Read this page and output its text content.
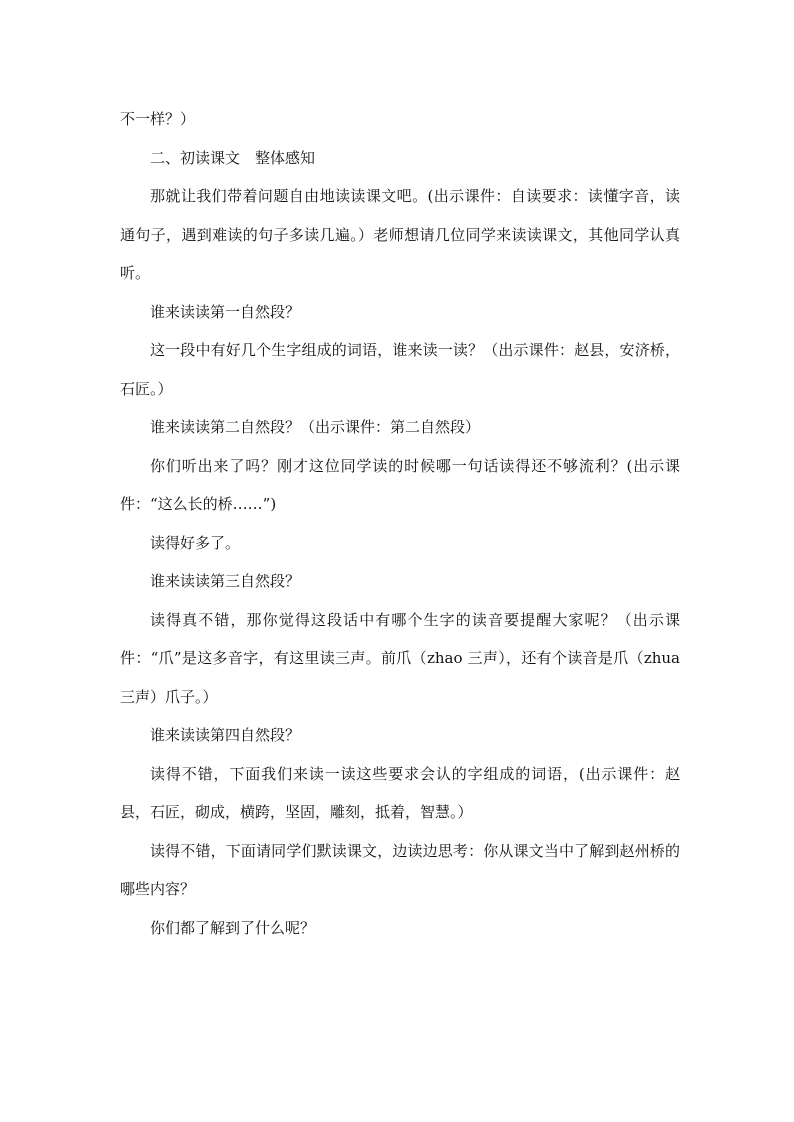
不一样？）

二、初读课文　整体感知

那就让我们带着问题自由地读读课文吧。(出示课件：自读要求：读懂字音，读通句子，遇到难读的句子多读几遍。）老师想请几位同学来读读课文，其他同学认真听。

谁来读读第一自然段？

这一段中有好几个生字组成的词语，谁来读一读？（出示课件：赵县，安济桥，石匠。）

谁来读读第二自然段？（出示课件：第二自然段）

你们听出来了吗？刚才这位同学读的时候哪一句话读得还不够流利？(出示课件：“这么长的桥……”)

读得好多了。

谁来读读第三自然段？

读得真不错，那你觉得这段话中有哪个生字的读音要提醒大家呢？（出示课件：“爪”是这多音字，有这里读三声。前爪（zhao 三声），还有个读音是爪（zhua 三声）爪子。）

谁来读读第四自然段？

读得不错，下面我们来读一读这些要求会认的字组成的词语，(出示课件：赵县，石匠，砌成，横跨，坚固，雕刻，抵着，智慧。）

读得不错，下面请同学们默读课文，边读边思考：你从课文当中了解到赵州桥的哪些内容？

你们都了解到了什么呢？
